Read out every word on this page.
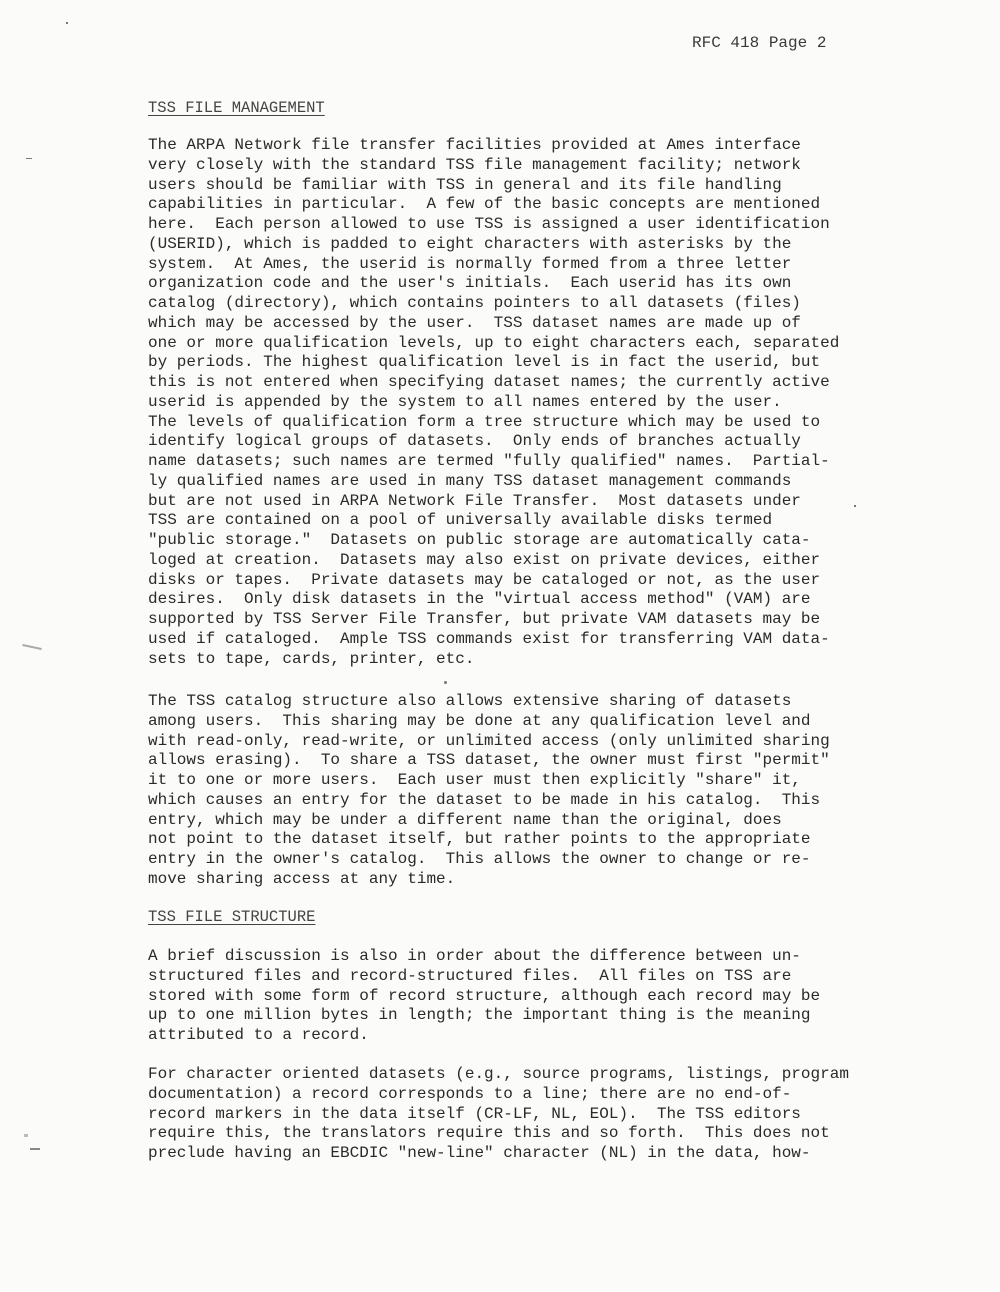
RFC 418 Page 2
TSS FILE MANAGEMENT
The ARPA Network file transfer facilities provided at Ames interface
very closely with the standard TSS file management facility; network
users should be familiar with TSS in general and its file handling
capabilities in particular.  A few of the basic concepts are mentioned
here.  Each person allowed to use TSS is assigned a user identification
(USERID), which is padded to eight characters with asterisks by the
system.  At Ames, the userid is normally formed from a three letter
organization code and the user's initials.  Each userid has its own
catalog (directory), which contains pointers to all datasets (files)
which may be accessed by the user.  TSS dataset names are made up of
one or more qualification levels, up to eight characters each, separated
by periods. The highest qualification level is in fact the userid, but
this is not entered when specifying dataset names; the currently active
userid is appended by the system to all names entered by the user.
The levels of qualification form a tree structure which may be used to
identify logical groups of datasets.  Only ends of branches actually
name datasets; such names are termed "fully qualified" names.  Partial-
ly qualified names are used in many TSS dataset management commands
but are not used in ARPA Network File Transfer.  Most datasets under
TSS are contained on a pool of universally available disks termed
"public storage."  Datasets on public storage are automatically cata-
loged at creation.  Datasets may also exist on private devices, either
disks or tapes.  Private datasets may be cataloged or not, as the user
desires.  Only disk datasets in the "virtual access method" (VAM) are
supported by TSS Server File Transfer, but private VAM datasets may be
used if cataloged.  Ample TSS commands exist for transferring VAM data-
sets to tape, cards, printer, etc.
The TSS catalog structure also allows extensive sharing of datasets
among users.  This sharing may be done at any qualification level and
with read-only, read-write, or unlimited access (only unlimited sharing
allows erasing).  To share a TSS dataset, the owner must first "permit"
it to one or more users.  Each user must then explicitly "share" it,
which causes an entry for the dataset to be made in his catalog.  This
entry, which may be under a different name than the original, does
not point to the dataset itself, but rather points to the appropriate
entry in the owner's catalog.  This allows the owner to change or re-
move sharing access at any time.
TSS FILE STRUCTURE
A brief discussion is also in order about the difference between un-
structured files and record-structured files.  All files on TSS are
stored with some form of record structure, although each record may be
up to one million bytes in length; the important thing is the meaning
attributed to a record.
For character oriented datasets (e.g., source programs, listings, program
documentation) a record corresponds to a line; there are no end-of-
record markers in the data itself (CR-LF, NL, EOL).  The TSS editors
require this, the translators require this and so forth.  This does not
preclude having an EBCDIC "new-line" character (NL) in the data, how-
